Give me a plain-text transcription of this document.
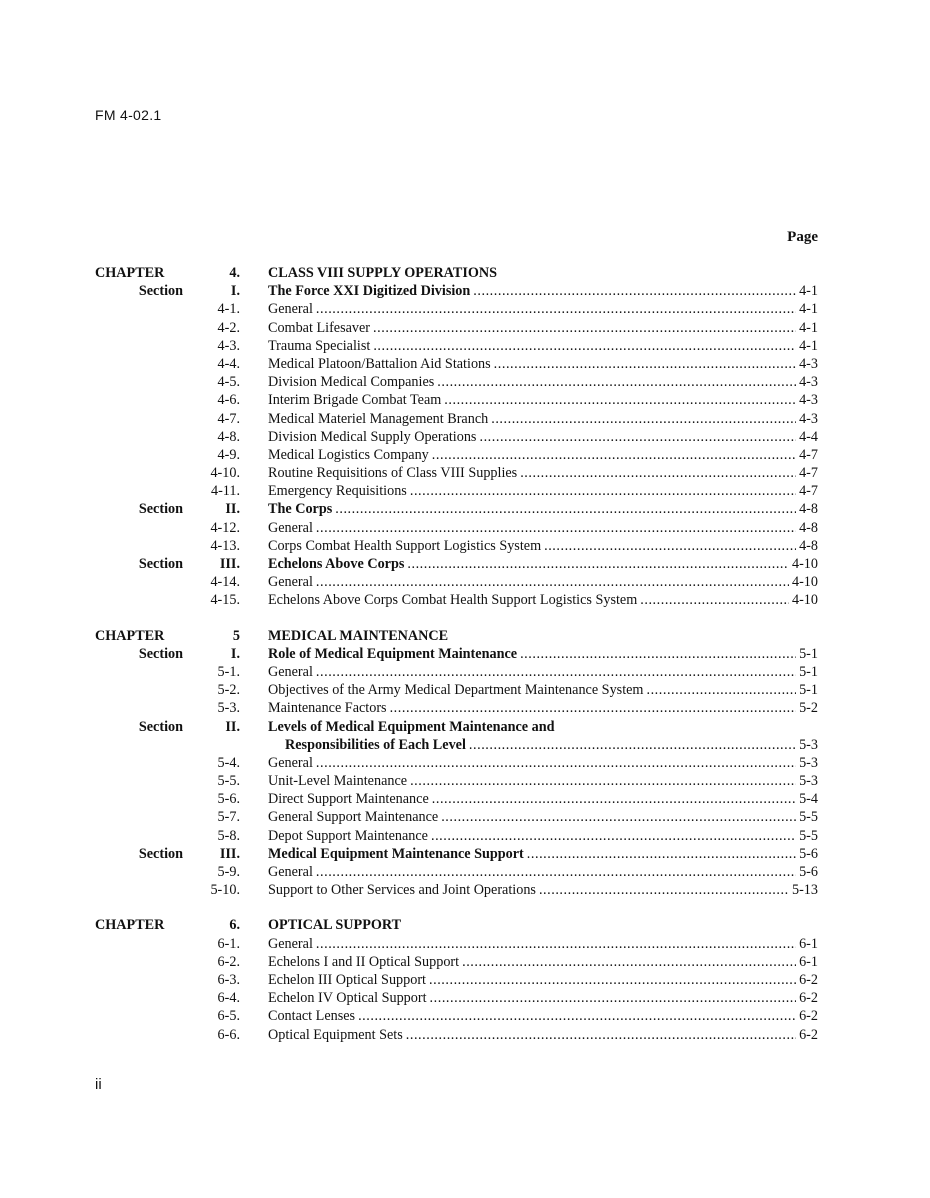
FM 4-02.1
Page
CHAPTER	4. CLASS VIII SUPPLY OPERATIONS
Section	I. The Force XXI Digitized Division . . .	4-1
4-1. General . . .	4-1
4-2. Combat Lifesaver . . .	4-1
4-3. Trauma Specialist . . .	4-1
4-4. Medical Platoon/Battalion Aid Stations . . .	4-3
4-5. Division Medical Companies . . .	4-3
4-6. Interim Brigade Combat Team . . .	4-3
4-7. Medical Materiel Management Branch . . .	4-3
4-8. Division Medical Supply Operations . . .	4-4
4-9. Medical Logistics Company . . .	4-7
4-10. Routine Requisitions of Class VIII Supplies . . .	4-7
4-11. Emergency Requisitions . . .	4-7
Section	II. The Corps . . .	4-8
4-12. General . . .	4-8
4-13. Corps Combat Health Support Logistics System . . .	4-8
Section	III. Echelons Above Corps . . .	4-10
4-14. General . . .	4-10
4-15. Echelons Above Corps Combat Health Support Logistics System . . .	4-10
CHAPTER	5 MEDICAL MAINTENANCE
Section	I. Role of Medical Equipment Maintenance . . .	5-1
5-1. General . . .	5-1
5-2. Objectives of the Army Medical Department Maintenance System . . .	5-1
5-3. Maintenance Factors . . .	5-2
Section	II. Levels of Medical Equipment Maintenance and
Responsibilities of Each Level . . .	5-3
5-4. General . . .	5-3
5-5. Unit-Level Maintenance . . .	5-3
5-6. Direct Support Maintenance . . .	5-4
5-7. General Support Maintenance . . .	5-5
5-8. Depot Support Maintenance . . .	5-5
Section	III. Medical Equipment Maintenance Support . . .	5-6
5-9. General . . .	5-6
5-10. Support to Other Services and Joint Operations . . .	5-13
CHAPTER	6. OPTICAL SUPPORT
6-1. General . . .	6-1
6-2. Echelons I and II Optical Support . . .	6-1
6-3. Echelon III Optical Support . . .	6-2
6-4. Echelon IV Optical Support . . .	6-2
6-5. Contact Lenses . . .	6-2
6-6. Optical Equipment Sets . . .	6-2
ii
